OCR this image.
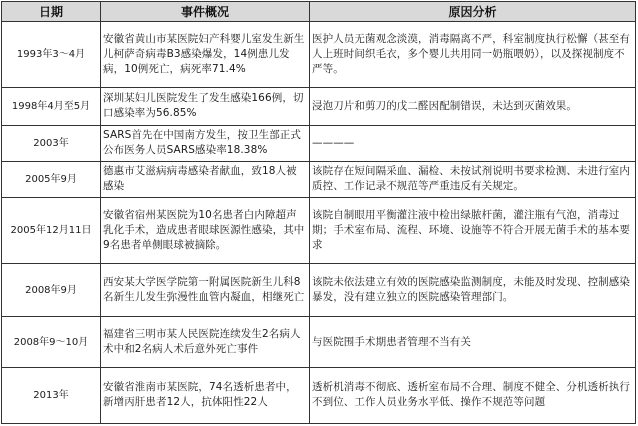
日期	事件概况	原因分析
1993年3～4月	安徽省黄山市某医院妇产科婴儿室发生新生儿柯萨奇病毒B3感染爆发，14例患儿发病，10例死亡，病死率71.4%	医护人员无菌观念淡漠，消毒隔离不严，科室制度执行松懈（甚至有人上班时间织毛衣，多个婴儿共用同一奶瓶喂奶），以及探视制度不严等。
1998年4月至5月	深圳某妇儿医院发生了发生感染166例，切口感染率为56.85%	浸泡刀片和剪刀的戊二醛因配制错误，未达到灭菌效果。
2003年	SARS首先在中国南方发生，按卫生部正式公布医务人员SARS感染率18.38%	————
2005年9月	德惠市艾滋病病毒感染者献血，致18人被感染	该院存在短间隔采血、漏检、未按试剂说明书要求检测、未进行室内质控、工作记录不规范等严重违反有关规定。
2005年12月11日	安徽省宿州某医院为10名患者白内障超声乳化手术，造成患者眼球医源性感染，其中9名患者单侧眼球被摘除。	该院自制眼用平衡灌注液中检出绿脓杆菌，灌注瓶有气泡，消毒过期；手术室布局、流程、环境、设施等不符合开展无菌手术的基本要求
2008年9月	西安某大学医学院第一附属医院新生儿科8名新生儿发生弥漫性血管内凝血，相继死亡	该院未依法建立有效的医院感染监测制度，未能及时发现、控制感染暴发，没有建立独立的医院感染管理部门。
2008年9～10月	福建省三明市某人民医院连续发生2名病人术中和2名病人术后意外死亡事件	与医院围手术期患者管理不当有关
2013年	安徽省淮南市某医院，74名透析患者中，新增丙肝患者12人，抗体阳性22人	透析机消毒不彻底、透析室布局不合理、制度不健全、分机透析执行不到位、工作人员业务水平低、操作不规范等问题
